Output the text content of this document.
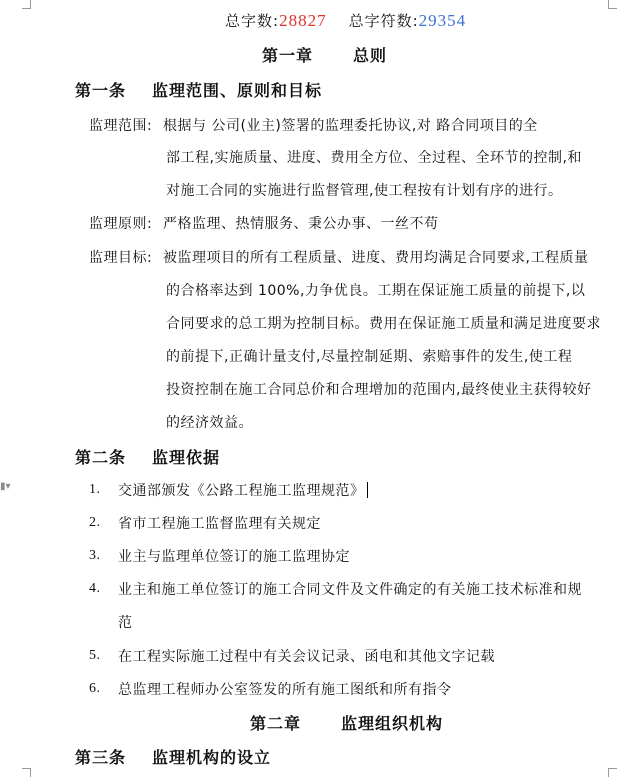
▮▾
总字数:28827 总字符数:29354
第一章	总则
第一条 监理范围、原则和目标
监理范围: 根据与 公司(业主)签署的监理委托协议,对 路合同项目的全
部工程,实施质量、进度、费用全方位、全过程、全环节的控制,和
对施工合同的实施进行监督管理,使工程按有计划有序的进行。
监理原则: 严格监理、热情服务、秉公办事、一丝不苟
监理目标: 被监理项目的所有工程质量、进度、费用均满足合同要求,工程质量
的合格率达到 100%,力争优良。工期在保证施工质量的前提下,以
合同要求的总工期为控制目标。费用在保证施工质量和满足进度要求
的前提下,正确计量支付,尽量控制延期、索赔事件的发生,使工程
投资控制在施工合同总价和合理增加的范围内,最终使业主获得较好
的经济效益。
第二条 监理依据
1. 交通部颁发《公路工程施工监理规范》
2. 省市工程施工监督监理有关规定
3. 业主与监理单位签订的施工监理协定
4. 业主和施工单位签订的施工合同文件及文件确定的有关施工技术标准和规
范
5. 在工程实际施工过程中有关会议记录、函电和其他文字记载
6. 总监理工程师办公室签发的所有施工图纸和所有指令
第二章	监理组织机构
第三条 监理机构的设立
